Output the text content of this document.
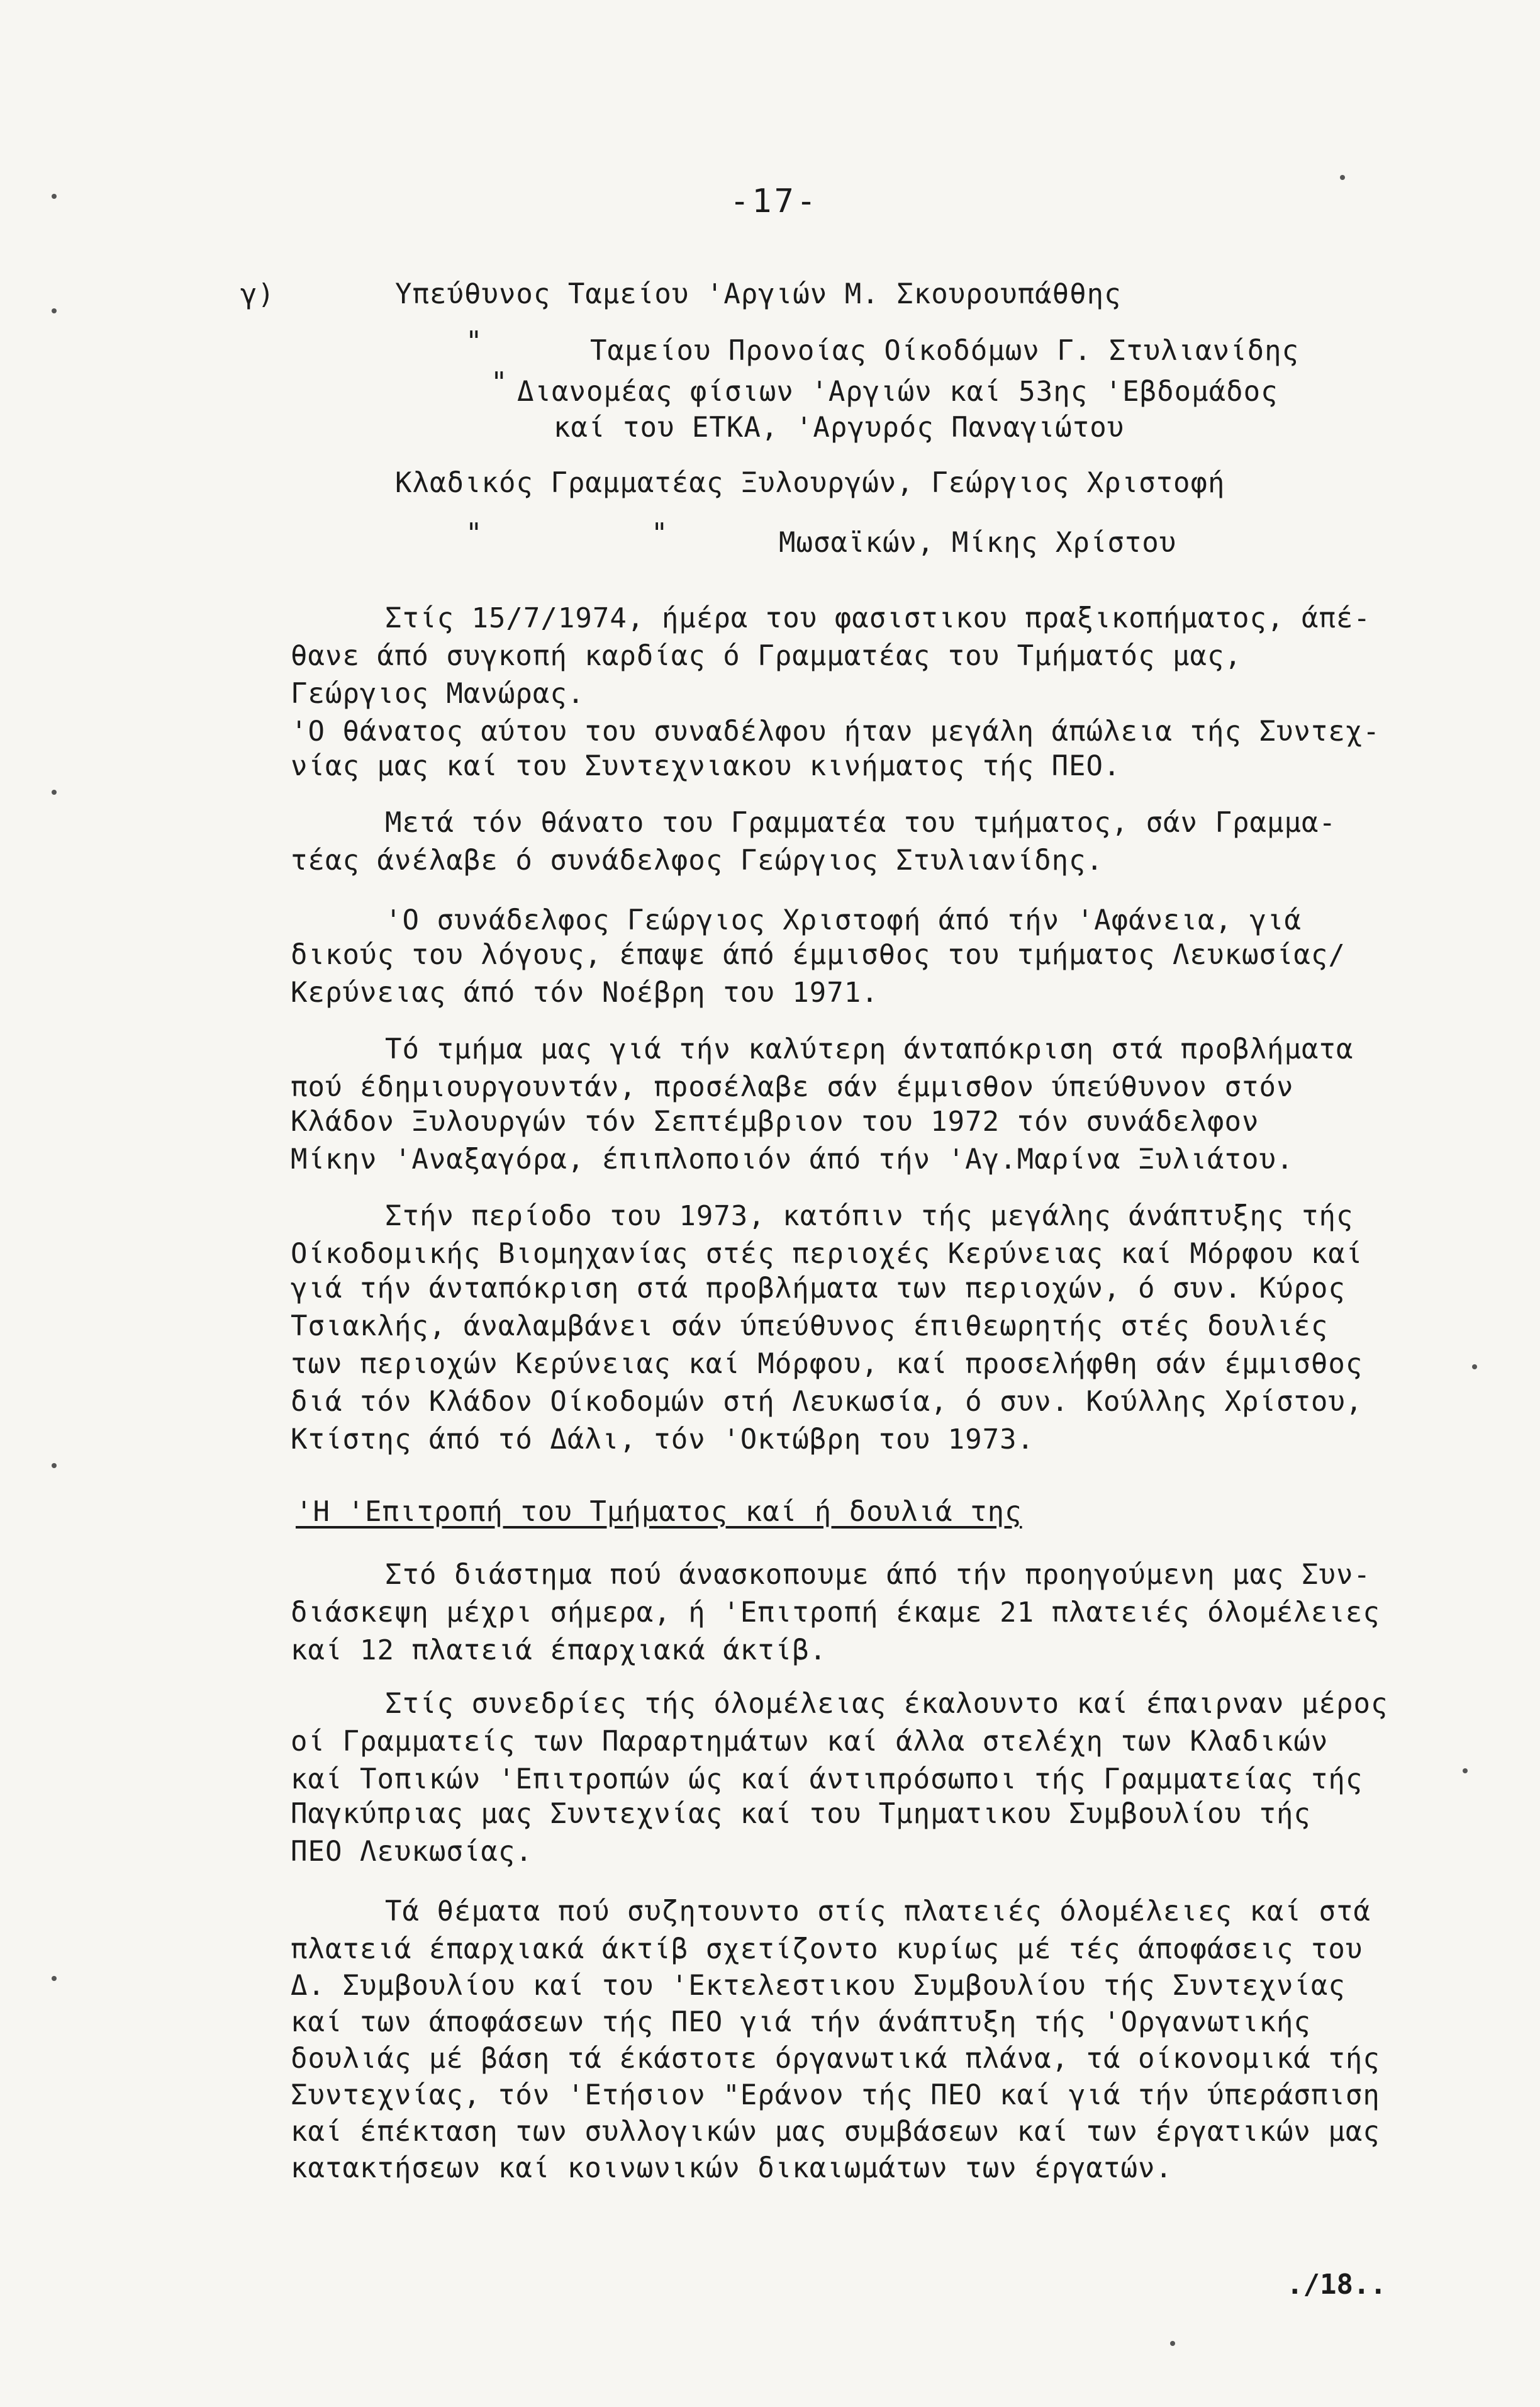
-17-
γ)	Υπεύθυνος Ταμείου 'Αργιών Μ. Σκουρουπάθθης
"	Ταμείου Προνοίας Οίκοδόμων Γ. Στυλιανίδης
" Διανομέας φίσιων 'Αργιών καί 53ης 'Εβδομάδος
καί του ΕΤΚΑ, 'Αργυρός Παναγιώτου
Κλαδικός Γραμματέας Ξυλουργών, Γεώργιος Χριστοφή
"	"	Μωσαϊκών, Μίκης Χρίστου
Στίς 15/7/1974, ήμέρα του φασιστικου πραξικοπήματος, άπέ-
θανε άπό συγκοπή καρδίας ό Γραμματέας του Τμήματός μας,
Γεώργιος Μανώρας.
'Ο θάνατος αύτου του συναδέλφου ήταν μεγάλη άπώλεια τής Συντεχ-
νίας μας καί του Συντεχνιακου κινήματος τής ΠΕΟ.
Μετά τόν θάνατο του Γραμματέα του τμήματος, σάν Γραμμα-
τέας άνέλαβε ό συνάδελφος Γεώργιος Στυλιανίδης.
'Ο συνάδελφος Γεώργιος Χριστοφή άπό τήν 'Αφάνεια, γιά
δικούς του λόγους, έπαψε άπό έμμισθος του τμήματος Λευκωσίας/
Κερύνειας άπό τόν Νοέβρη του 1971.
Τό τμήμα μας γιά τήν καλύτερη άνταπόκριση στά προβλήματα
πού έδημιουργουντάν, προσέλαβε σάν έμμισθον ύπεύθυνον στόν
Κλάδον Ξυλουργών τόν Σεπτέμβριον του 1972 τόν συνάδελφον
Μίκην 'Αναξαγόρα, έπιπλοποιόν άπό τήν 'Αγ.Μαρίνα Ξυλιάτου.
Στήν περίοδο του 1973, κατόπιν τής μεγάλης άνάπτυξης τής
Οίκοδομικής Βιομηχανίας στές περιοχές Κερύνειας καί Μόρφου καί
γιά τήν άνταπόκριση στά προβλήματα των περιοχών, ό συν. Κύρος
Τσιακλής, άναλαμβάνει σάν ύπεύθυνος έπιθεωρητής στές δουλιές
των περιοχών Κερύνειας καί Μόρφου, καί προσελήφθη σάν έμμισθος
διά τόν Κλάδον Οίκοδομών στή Λευκωσία, ό συν. Κούλλης Χρίστου,
Κτίστης άπό τό Δάλι, τόν 'Οκτώβρη του 1973.
'Η 'Επιτροπή του Τμήματος καί ή δουλιά της
Στό διάστημα πού άνασκοπουμε άπό τήν προηγούμενη μας Συν-
διάσκεψη μέχρι σήμερα, ή 'Επιτροπή έκαμε 21 πλατειές όλομέλειες
καί 12 πλατειά έπαρχιακά άκτίβ.
Στίς συνεδρίες τής όλομέλειας έκαλουντο καί έπαιρναν μέρος
οί Γραμματείς των Παραρτημάτων καί άλλα στελέχη των Κλαδικών
καί Τοπικών 'Επιτροπών ώς καί άντιπρόσωποι τής Γραμματείας τής
Παγκύπριας μας Συντεχνίας καί του Τμηματικου Συμβουλίου τής
ΠΕΟ Λευκωσίας.
Τά θέματα πού συζητουντο στίς πλατειές όλομέλειες καί στά
πλατειά έπαρχιακά άκτίβ σχετίζοντο κυρίως μέ τές άποφάσεις του
Δ. Συμβουλίου καί του 'Εκτελεστικου Συμβουλίου τής Συντεχνίας
καί των άποφάσεων τής ΠΕΟ γιά τήν άνάπτυξη τής 'Οργανωτικής
δουλιάς μέ βάση τά έκάστοτε όργανωτικά πλάνα, τά οίκονομικά τής
Συντεχνίας, τόν 'Ετήσιον "Εράνον τής ΠΕΟ καί γιά τήν ύπεράσπιση
καί έπέκταση των συλλογικών μας συμβάσεων καί των έργατικών μας
κατακτήσεων καί κοινωνικών δικαιωμάτων των έργατών.
./18..
